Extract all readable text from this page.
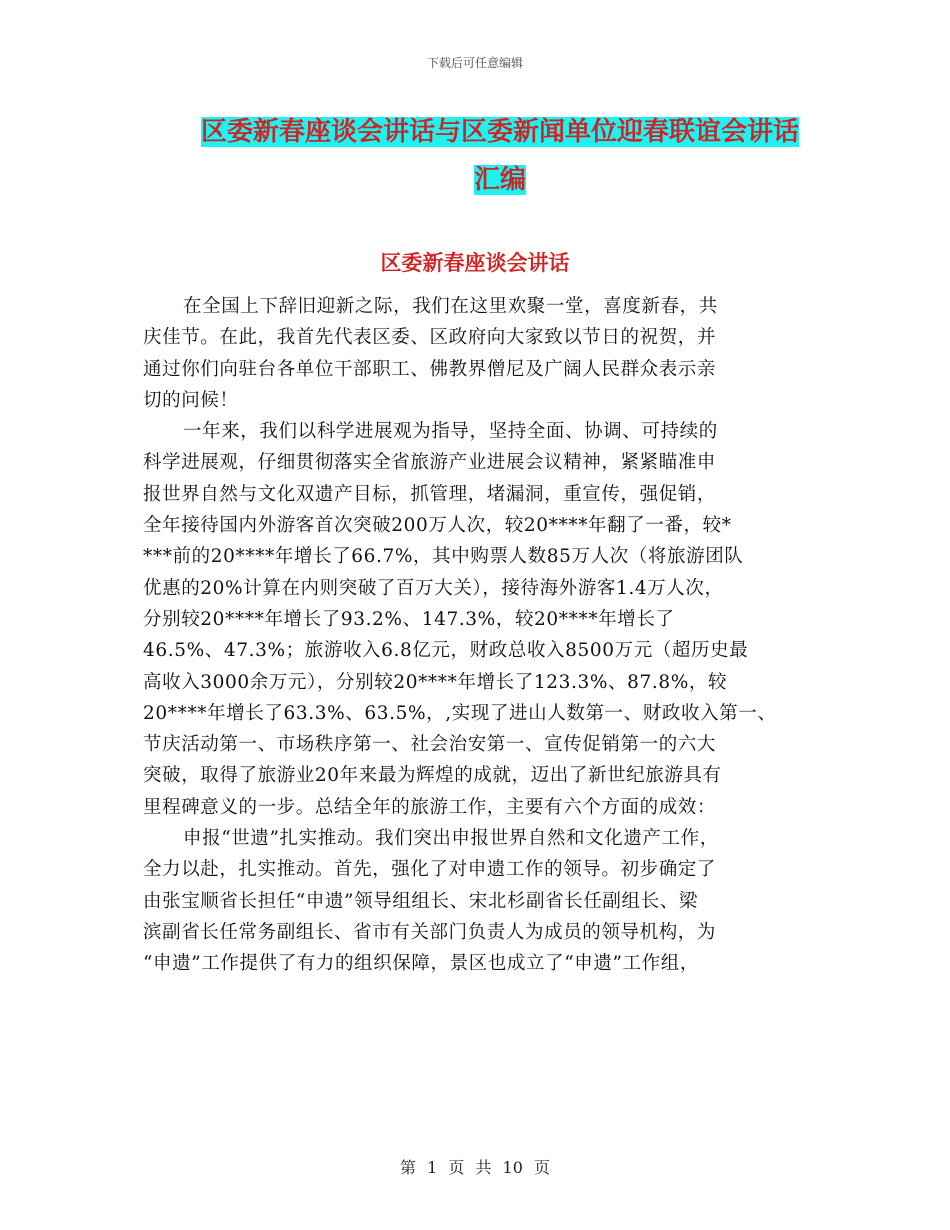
下载后可任意编辑
区委新春座谈会讲话与区委新闻单位迎春联谊会讲话
汇编
区委新春座谈会讲话

在全国上下辞旧迎新之际，我们在这里欢聚一堂，喜度新春，共
庆佳节。在此，我首先代表区委、区政府向大家致以节日的祝贺，并
通过你们向驻台各单位干部职工、佛教界僧尼及广阔人民群众表示亲
切的问候！

一年来，我们以科学进展观为指导，坚持全面、协调、可持续的
科学进展观，仔细贯彻落实全省旅游产业进展会议精神，紧紧瞄准申
报世界自然与文化双遗产目标，抓管理，堵漏洞，重宣传，强促销，
全年接待国内外游客首次突破200万人次，较20****年翻了一番，较*
***前的20****年增长了66.7%，其中购票人数85万人次（将旅游团队
优惠的20%计算在内则突破了百万大关），接待海外游客1.4万人次，
分别较20****年增长了93.2%、147.3%，较20****年增长了
46.5%、47.3%；旅游收入6.8亿元，财政总收入8500万元（超历史最
高收入3000余万元），分别较20****年增长了123.3%、87.8%，较
20****年增长了63.3%、63.5%，,实现了进山人数第一、财政收入第一、
节庆活动第一、市场秩序第一、社会治安第一、宣传促销第一的六大
突破，取得了旅游业20年来最为辉煌的成就，迈出了新世纪旅游具有
里程碑意义的一步。总结全年的旅游工作，主要有六个方面的成效：

申报“世遗”扎实推动。我们突出申报世界自然和文化遗产工作，
全力以赴，扎实推动。首先，强化了对申遗工作的领导。初步确定了
由张宝顺省长担任“申遗”领导组组长、宋北杉副省长任副组长、梁
滨副省长任常务副组长、省市有关部门负责人为成员的领导机构，为
“申遗”工作提供了有力的组织保障，景区也成立了“申遗”工作组，

第 1 页 共 10 页
